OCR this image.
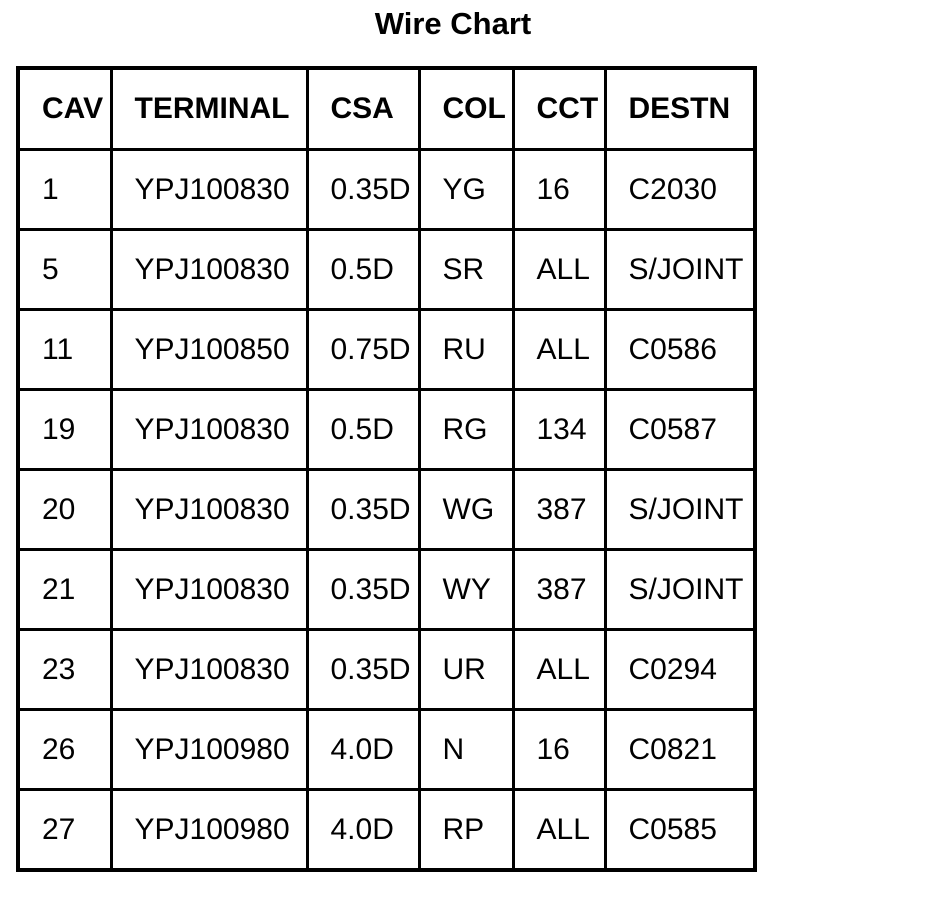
Wire Chart
CAV	TERMINAL	CSA	COL	CCT	DESTN
1	YPJ100830	0.35D	YG	16	C2030
5	YPJ100830	0.5D	SR	ALL	S/JOINT
11	YPJ100850	0.75D	RU	ALL	C0586
19	YPJ100830	0.5D	RG	134	C0587
20	YPJ100830	0.35D	WG	387	S/JOINT
21	YPJ100830	0.35D	WY	387	S/JOINT
23	YPJ100830	0.35D	UR	ALL	C0294
26	YPJ100980	4.0D	N	16	C0821
27	YPJ100980	4.0D	RP	ALL	C0585
